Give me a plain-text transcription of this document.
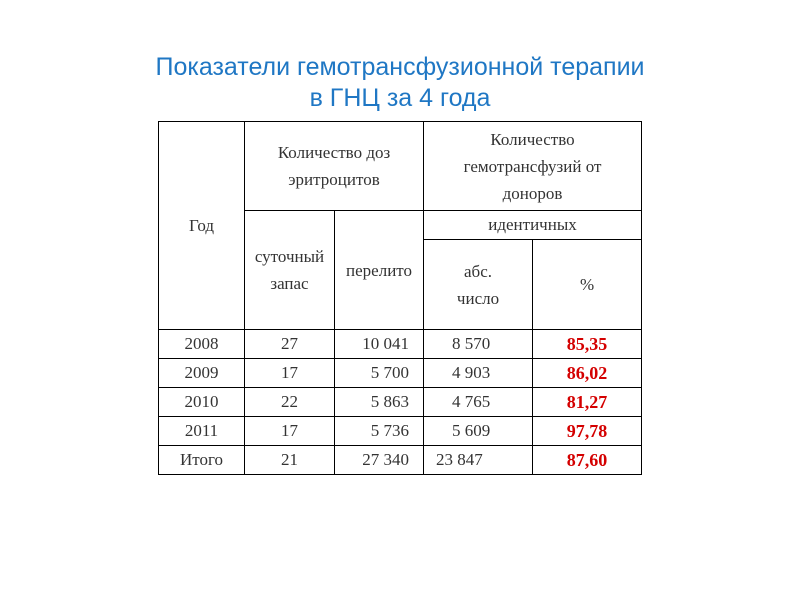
Показатели гемотрансфузионной терапии
в ГНЦ за 4 года
Год	Количество доз эритроцитов		Количество гемотрансфузий от доноров	
	суточный запас	перелито	идентичных	
			абс. число	%
2008	27	10 041	8 570	85,35
2009	17	5 700	4 903	86,02
2010	22	5 863	4 765	81,27
2011	17	5 736	5 609	97,78
Итого	21	27 340	23 847	87,60
